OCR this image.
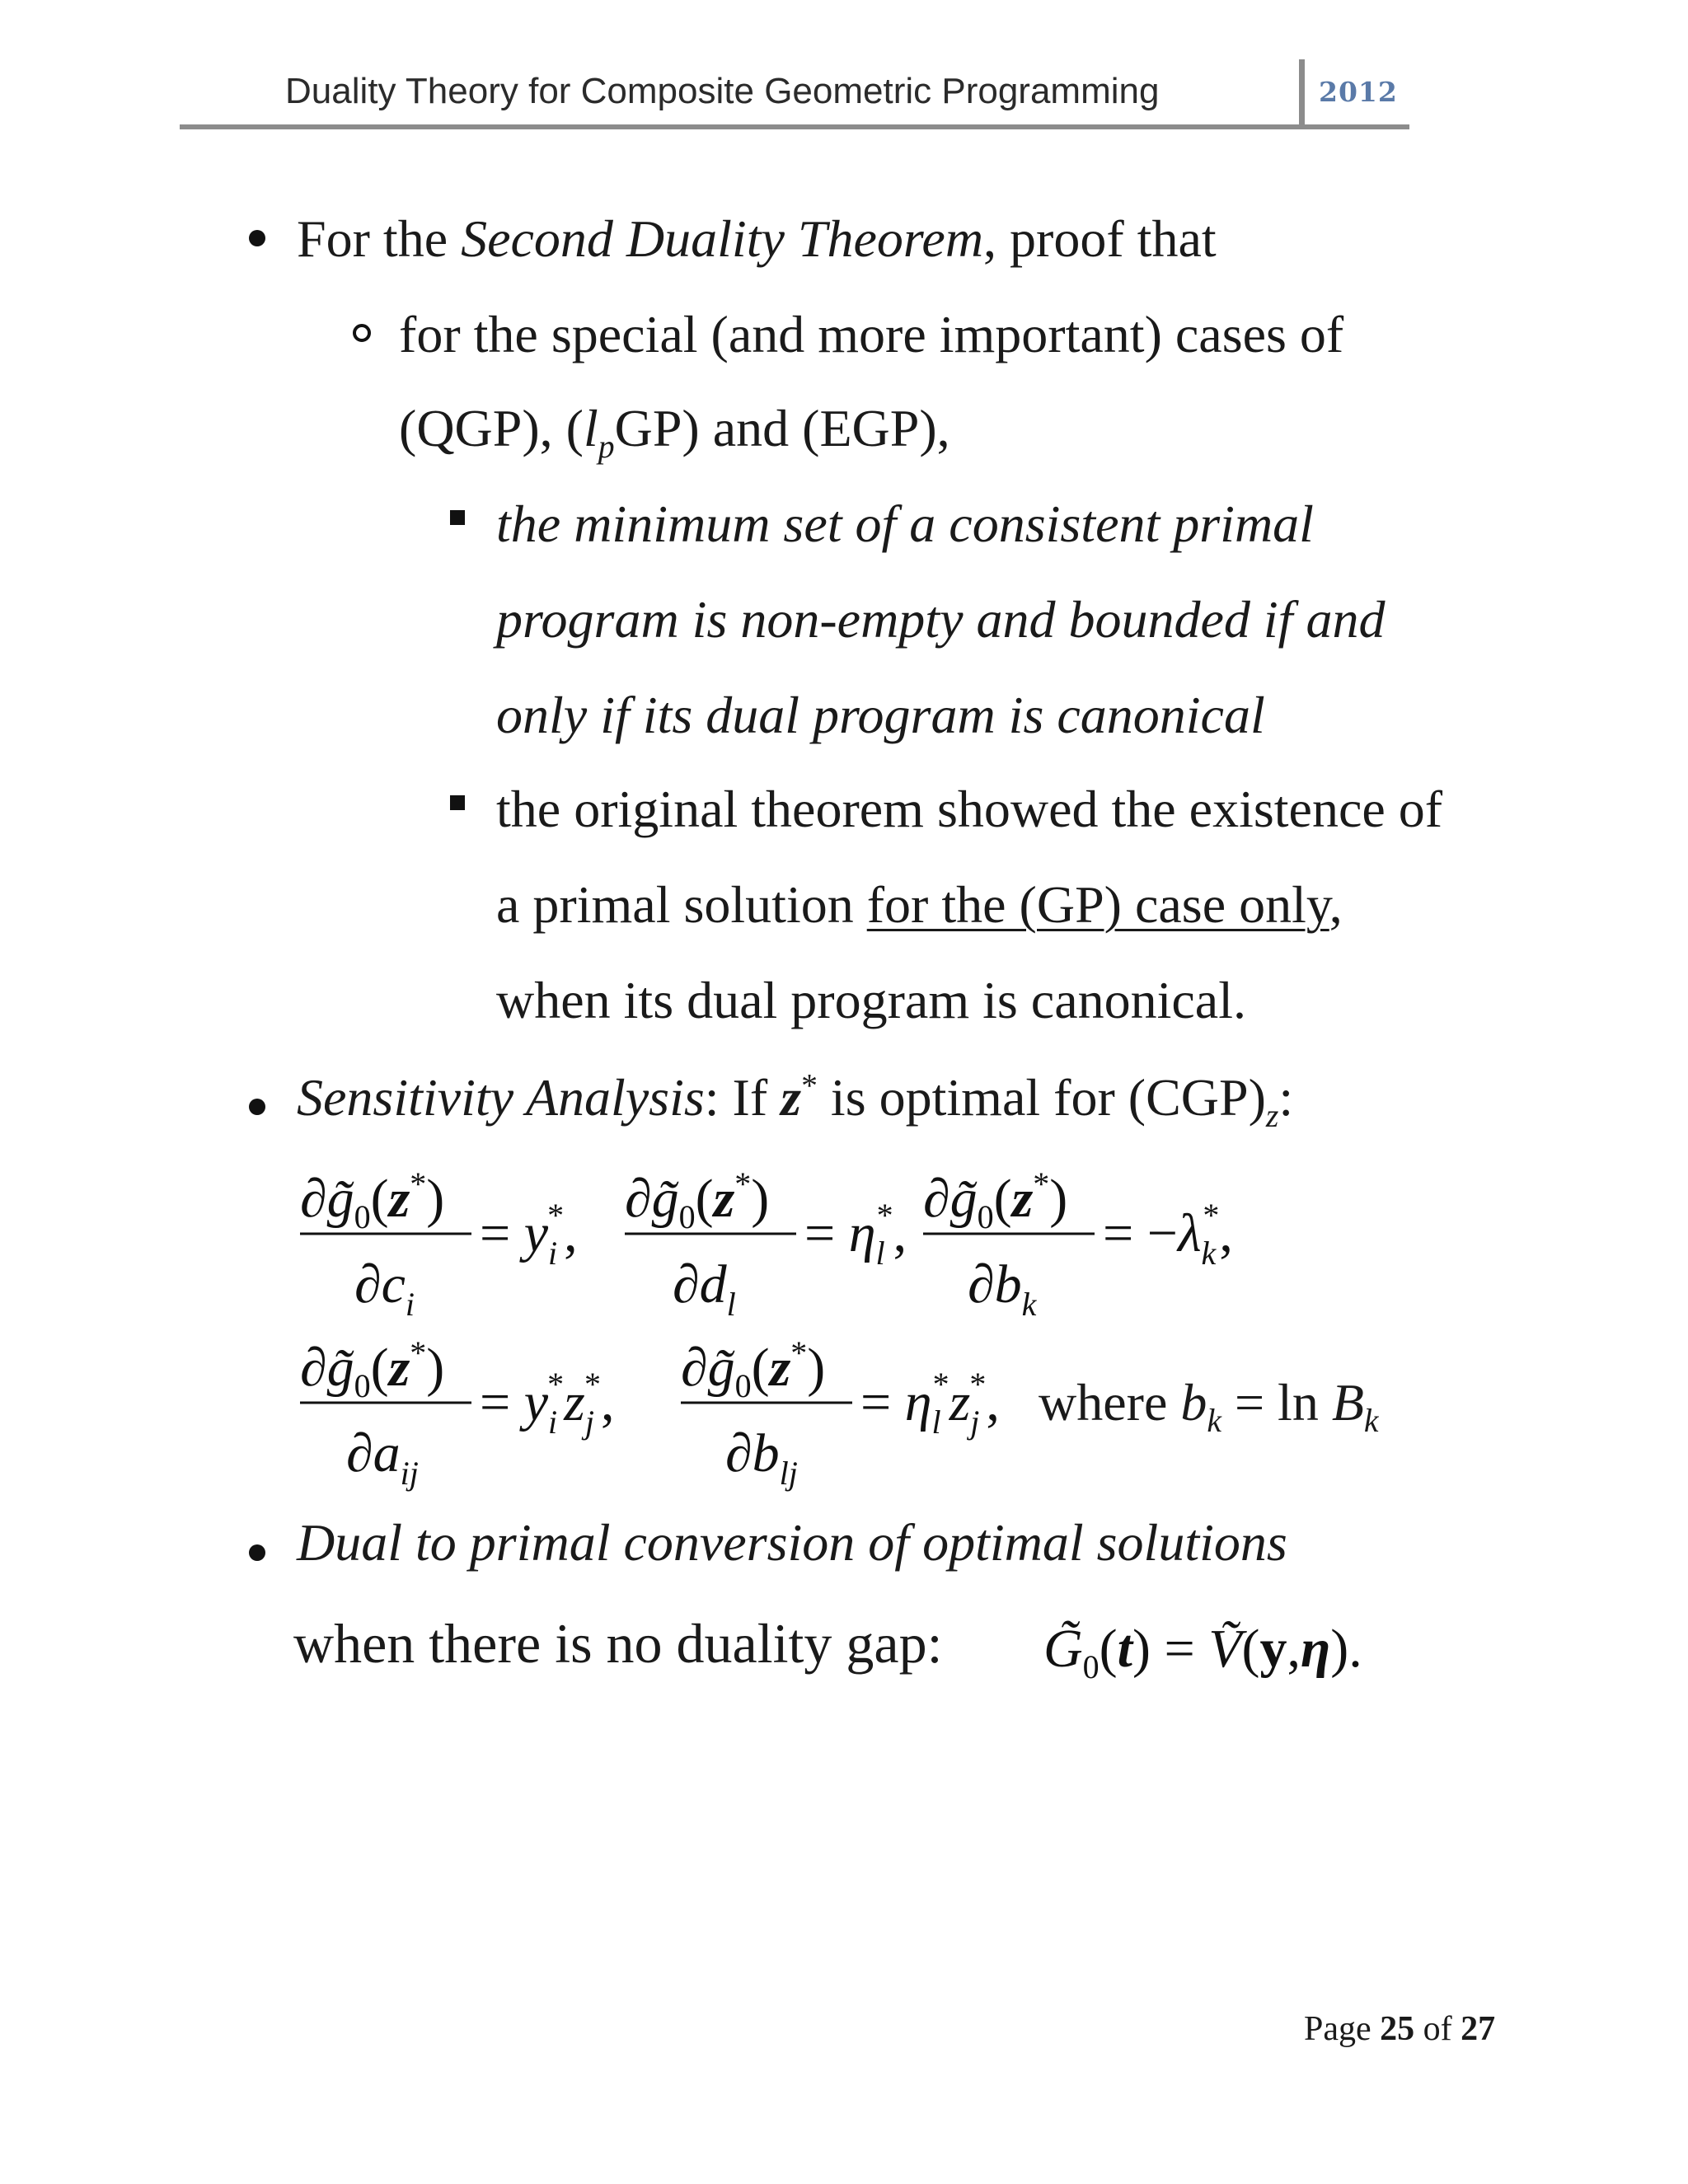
Duality Theory for Composite Geometric Programming	2012
For the Second Duality Theorem, proof that
for the special (and more important) cases of
(QGP), $(l_pGP)$ and (EGP),
the minimum set of a consistent primal
program is non-empty and bounded if and
only if its dual program is canonical
the original theorem showed the existence of
a primal solution for the (GP) case only,
when its dual program is canonical.
Sensitivity Analysis: If z* is optimal for $(CGP)_z$:
$\partial g̃_0(z^*)$
$\partial c_i$
= $y_i*$,
$\partial g̃_0(z^*)$
$\partial d_l$
= $\eta_l*$,
$\partial g̃_0(z^*)$
$\partial b_k$
= $-\lambda_k*$,
$\partial g̃_0(z^*)$
$\partial a_{ij}$
= $y_i*z_j*$,
$\partial g̃_0(z^*)$
$\partial b_{lj}$
= $\eta_l*z_j*$, where $b_k = \ln B_k$
Dual to primal conversion of optimal solutions
when there is no duality gap: $G̃_0(t)$ = Ṽ(y,η).
Page 25 of 27
